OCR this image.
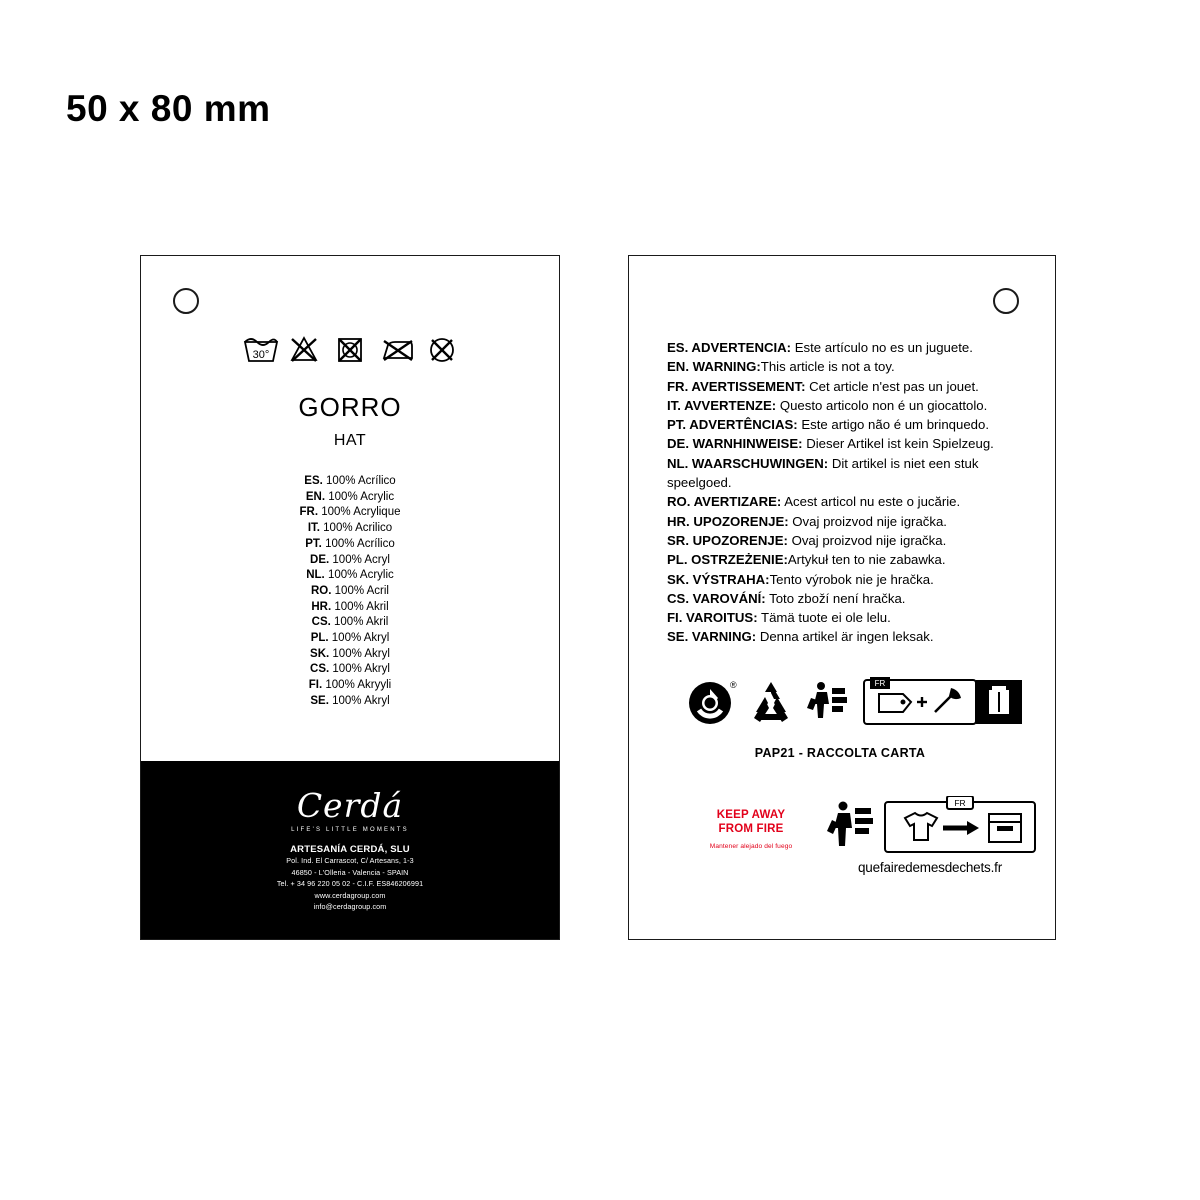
50 x 80 mm
30°
GORRO
HAT
ES. 100% Acrílico
EN. 100% Acrylic
FR. 100% Acrylique
IT. 100% Acrilico
PT. 100% Acrílico
DE. 100% Acryl
NL. 100% Acrylic
RO. 100% Acril
HR. 100% Akril
CS. 100% Akril
PL. 100% Akryl
SK. 100% Akryl
CS. 100% Akryl
FI. 100% Akryyli
SE. 100% Akryl
Cerdá
LIFE'S LITTLE MOMENTS
ARTESANÍA CERDÁ, SLU
Pol. Ind. El Carrascot, C/ Artesans, 1-3
46850 - L'Olleria - Valencia - SPAIN
Tel. + 34 96 220 05 02 - C.I.F. ES846206991
www.cerdagroup.com
info@cerdagroup.com
ES. ADVERTENCIA: Este artículo no es un juguete.
EN. WARNING:This article is not a toy.
FR. AVERTISSEMENT: Cet article n'est pas un jouet.
IT. AVVERTENZE: Questo articolo non é un giocattolo.
PT. ADVERTÊNCIAS: Este artigo não é um brinquedo.
DE. WARNHINWEISE: Dieser Artikel ist kein Spielzeug.
NL. WAARSCHUWINGEN: Dit artikel is niet een stuk speelgoed.
RO. AVERTIZARE: Acest articol nu este o jucărie.
HR. UPOZORENJE: Ovaj proizvod nije igračka.
SR. UPOZORENJE: Ovaj proizvod nije igračka.
PL. OSTRZEŻENIE:Artykuł ten to nie zabawka.
SK. VÝSTRAHA:Tento výrobok nie je hračka.
CS. VAROVÁNÍ: Toto zboží není hračka.
FI. VAROITUS: Tämä tuote ei ole lelu.
SE. VARNING: Denna artikel är ingen leksak.
®	FR
PAP21 - RACCOLTA CARTA
KEEP AWAY
FROM FIRE
Mantener alejado del fuego
FR
quefairedemesdechets.fr
